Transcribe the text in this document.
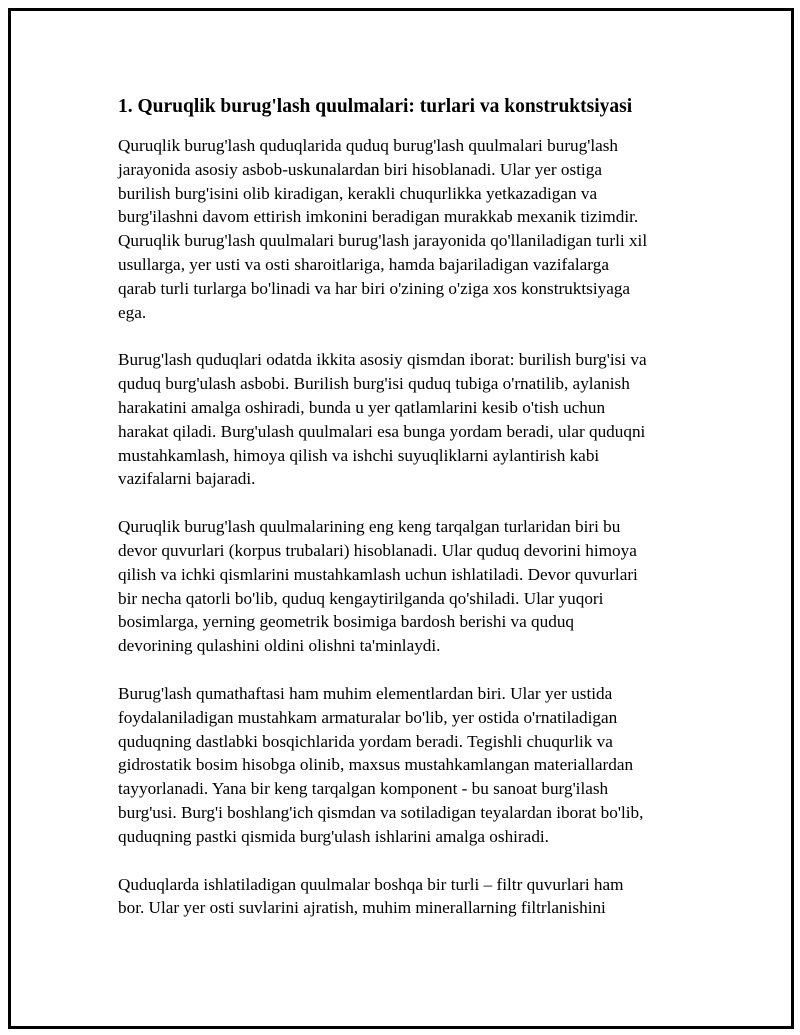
1. Quruqlik burug'lash quulmalari: turlari va konstruktsiyasi

Quruqlik burug'lash quduqlarida quduq burug'lash quulmalari burug'lash
jarayonida asosiy asbob-uskunalardan biri hisoblanadi. Ular yer ostiga
burilish burg'isini olib kiradigan, kerakli chuqurlikka yetkazadigan va
burg'ilashni davom ettirish imkonini beradigan murakkab mexanik tizimdir.
Quruqlik burug'lash quulmalari burug'lash jarayonida qo'llaniladigan turli xil
usullarga, yer usti va osti sharoitlariga, hamda bajariladigan vazifalarga
qarab turli turlarga bo'linadi va har biri o'zining o'ziga xos konstruktsiyaga
ega.

Burug'lash quduqlari odatda ikkita asosiy qismdan iborat: burilish burg'isi va
quduq burg'ulash asbobi. Burilish burg'isi quduq tubiga o'rnatilib, aylanish
harakatini amalga oshiradi, bunda u yer qatlamlarini kesib o'tish uchun
harakat qiladi. Burg'ulash quulmalari esa bunga yordam beradi, ular quduqni
mustahkamlash, himoya qilish va ishchi suyuqliklarni aylantirish kabi
vazifalarni bajaradi.

Quruqlik burug'lash quulmalarining eng keng tarqalgan turlaridan biri bu
devor quvurlari (korpus trubalari) hisoblanadi. Ular quduq devorini himoya
qilish va ichki qismlarini mustahkamlash uchun ishlatiladi. Devor quvurlari
bir necha qatorli bo'lib, quduq kengaytirilganda qo'shiladi. Ular yuqori
bosimlarga, yerning geometrik bosimiga bardosh berishi va quduq
devorining qulashini oldini olishni ta'minlaydi.

Burug'lash qumathaftasi ham muhim elementlardan biri. Ular yer ustida
foydalaniladigan mustahkam armaturalar bo'lib, yer ostida o'rnatiladigan
quduqning dastlabki bosqichlarida yordam beradi. Tegishli chuqurlik va
gidrostatik bosim hisobga olinib, maxsus mustahkamlangan materiallardan
tayyorlanadi. Yana bir keng tarqalgan komponent - bu sanoat burg'ilash
burg'usi. Burg'i boshlang'ich qismdan va sotiladigan teyalardan iborat bo'lib,
quduqning pastki qismida burg'ulash ishlarini amalga oshiradi.

Quduqlarda ishlatiladigan quulmalar boshqa bir turli – filtr quvurlari ham
bor. Ular yer osti suvlarini ajratish, muhim minerallarning filtrlanishini
